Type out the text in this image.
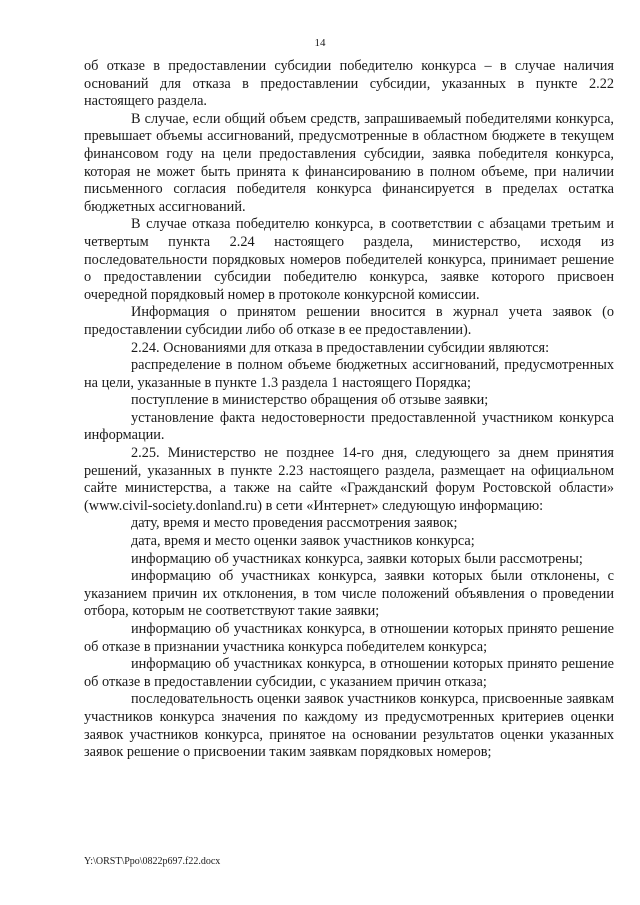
14

об отказе в предоставлении субсидии победителю конкурса – в случае наличия оснований для отказа в предоставлении субсидии, указанных в пункте 2.22 настоящего раздела.

В случае, если общий объем средств, запрашиваемый победителями конкурса, превышает объемы ассигнований, предусмотренные в областном бюджете в текущем финансовом году на цели предоставления субсидии, заявка победителя конкурса, которая не может быть принята к финансированию в полном объеме, при наличии письменного согласия победителя конкурса финансируется в пределах остатка бюджетных ассигнований.

В случае отказа победителю конкурса, в соответствии с абзацами третьим и четвертым пункта 2.24 настоящего раздела, министерство, исходя из последовательности порядковых номеров победителей конкурса, принимает решение о предоставлении субсидии победителю конкурса, заявке которого присвоен очередной порядковый номер в протоколе конкурсной комиссии.

Информация о принятом решении вносится в журнал учета заявок (о предоставлении субсидии либо об отказе в ее предоставлении).

2.24. Основаниями для отказа в предоставлении субсидии являются:

распределение в полном объеме бюджетных ассигнований, предусмотренных на цели, указанные в пункте 1.3 раздела 1 настоящего Порядка;

поступление в министерство обращения об отзыве заявки;

установление факта недостоверности предоставленной участником конкурса информации.

2.25. Министерство не позднее 14-го дня, следующего за днем принятия решений, указанных в пункте 2.23 настоящего раздела, размещает на официальном сайте министерства, а также на сайте «Гражданский форум Ростовской области» (www.civil-society.donland.ru) в сети «Интернет» следующую информацию:

дату, время и место проведения рассмотрения заявок;

дата, время и место оценки заявок участников конкурса;

информацию об участниках конкурса, заявки которых были рассмотрены;

информацию об участниках конкурса, заявки которых были отклонены, с указанием причин их отклонения, в том числе положений объявления о проведении отбора, которым не соответствуют такие заявки;

информацию об участниках конкурса, в отношении которых принято решение об отказе в признании участника конкурса победителем конкурса;

информацию об участниках конкурса, в отношении которых принято решение об отказе в предоставлении субсидии, с указанием причин отказа;

последовательность оценки заявок участников конкурса, присвоенные заявкам участников конкурса значения по каждому из предусмотренных критериев оценки заявок участников конкурса, принятое на основании результатов оценки указанных заявок решение о присвоении таким заявкам порядковых номеров;

Y:\ORST\Ppo\0822p697.f22.docx
